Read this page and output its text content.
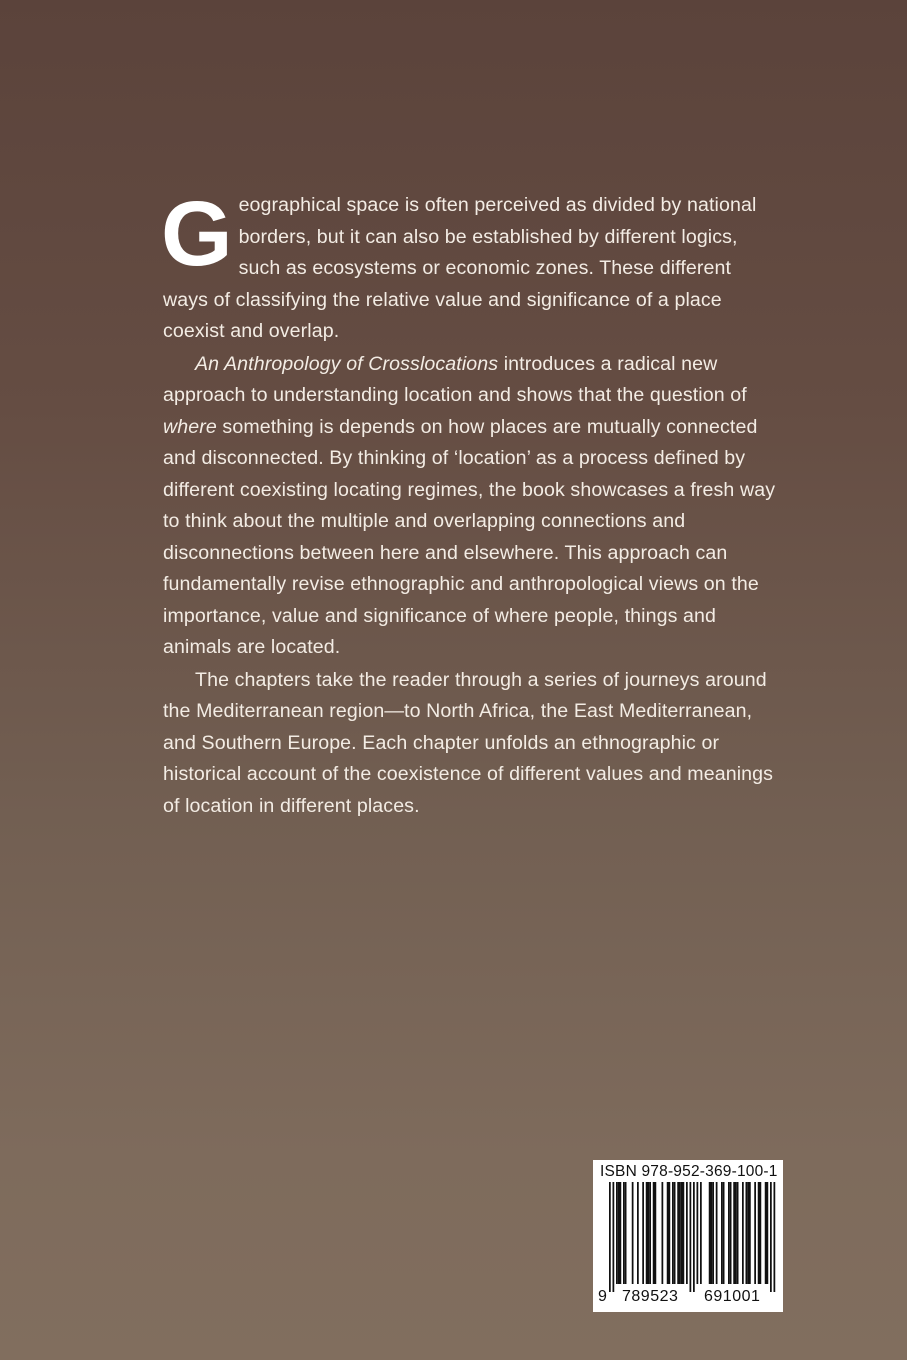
Geographical space is often perceived as divided by national borders, but it can also be established by different logics, such as ecosystems or economic zones. These different ways of classifying the relative value and significance of a place coexist and overlap.

An Anthropology of Crosslocations introduces a radical new approach to understanding location and shows that the question of where something is depends on how places are mutually connected and disconnected. By thinking of ‘location’ as a process defined by different coexisting locating regimes, the book showcases a fresh way to think about the multiple and overlapping connections and disconnections between here and elsewhere. This approach can fundamentally revise ethnographic and anthropological views on the importance, value and significance of where people, things and animals are located.

The chapters take the reader through a series of journeys around the Mediterranean region—to North Africa, the East Mediterranean, and Southern Europe. Each chapter unfolds an ethnographic or historical account of the coexistence of different values and meanings of location in different places.

ISBN 978-952-369-100-1
9 789523 691001
